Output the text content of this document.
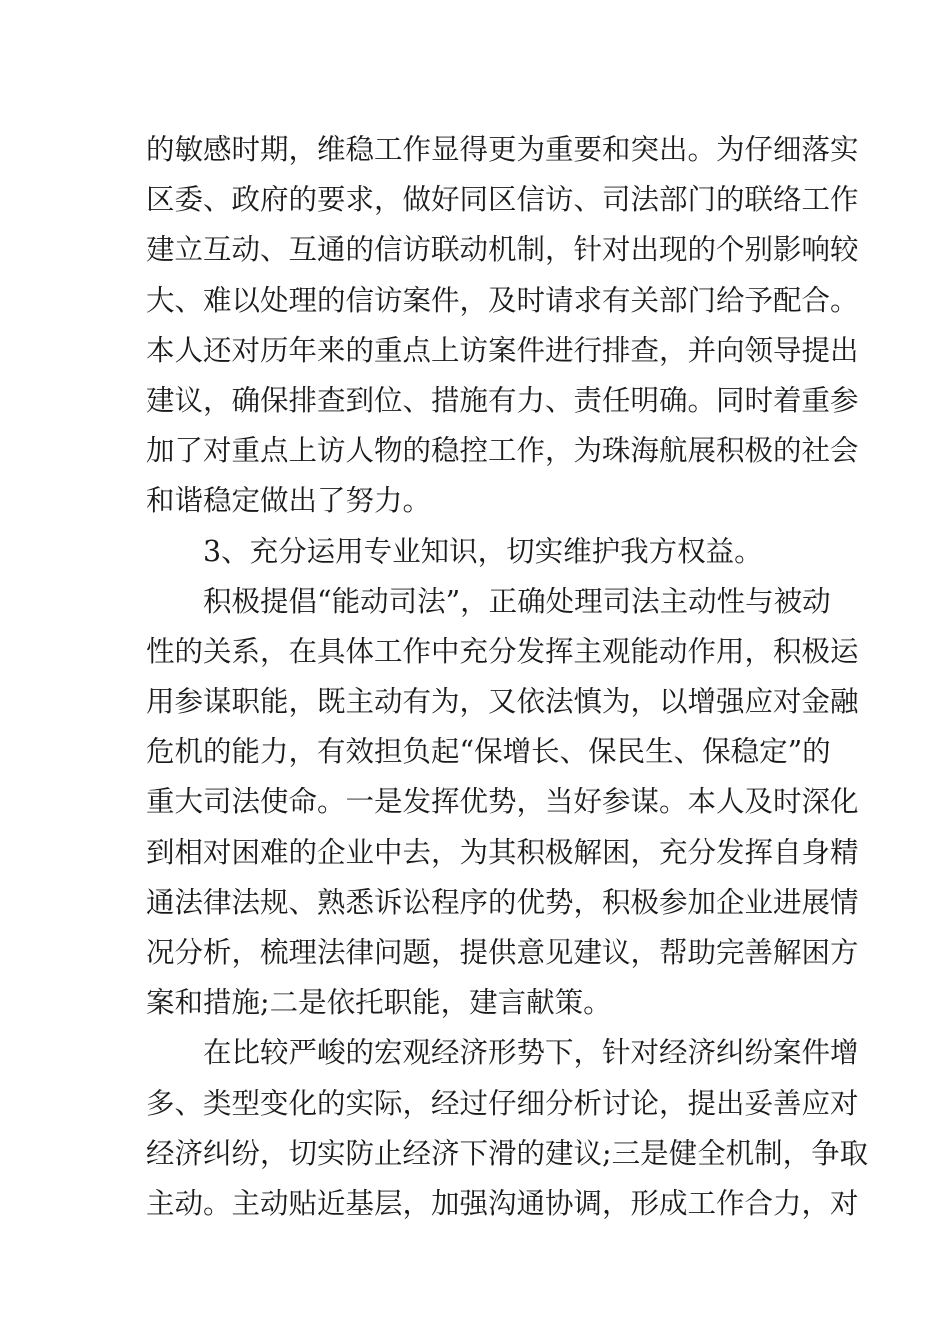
的敏感时期，维稳工作显得更为重要和突出。为仔细落实
区委、政府的要求，做好同区信访、司法部门的联络工作
建立互动、互通的信访联动机制，针对出现的个别影响较
大、难以处理的信访案件，及时请求有关部门给予配合。
本人还对历年来的重点上访案件进行排查，并向领导提出
建议，确保排查到位、措施有力、责任明确。同时着重参
加了对重点上访人物的稳控工作，为珠海航展积极的社会
和谐稳定做出了努力。
3、充分运用专业知识，切实维护我方权益。
积极提倡“能动司法”，正确处理司法主动性与被动
性的关系，在具体工作中充分发挥主观能动作用，积极运
用参谋职能，既主动有为，又依法慎为，以增强应对金融
危机的能力，有效担负起“保增长、保民生、保稳定”的
重大司法使命。一是发挥优势，当好参谋。本人及时深化
到相对困难的企业中去，为其积极解困，充分发挥自身精
通法律法规、熟悉诉讼程序的优势，积极参加企业进展情
况分析，梳理法律问题，提供意见建议，帮助完善解困方
案和措施;二是依托职能，建言献策。
在比较严峻的宏观经济形势下，针对经济纠纷案件增
多、类型变化的实际，经过仔细分析讨论，提出妥善应对
经济纠纷，切实防止经济下滑的建议;三是健全机制，争取
主动。主动贴近基层，加强沟通协调，形成工作合力，对
